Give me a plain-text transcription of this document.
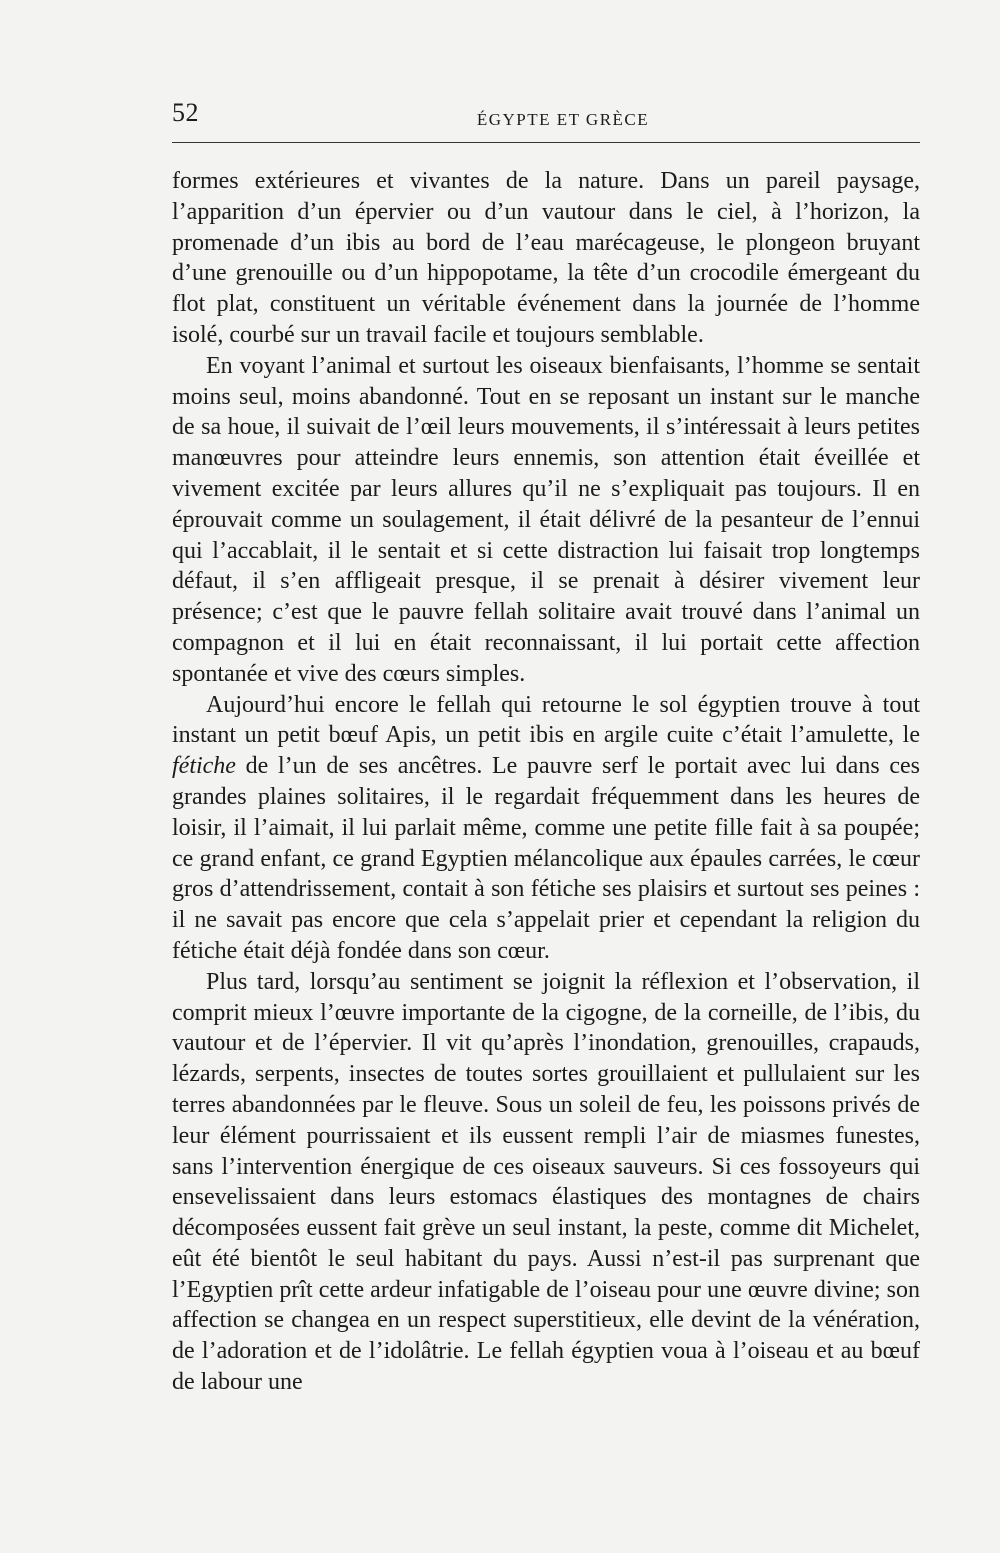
52	ÉGYPTE ET GRÈCE

formes extérieures et vivantes de la nature. Dans un pareil paysage, l’apparition d’un épervier ou d’un vautour dans le ciel, à l’horizon, la promenade d’un ibis au bord de l’eau marécageuse, le plongeon bruyant d’une grenouille ou d’un hippopotame, la tête d’un crocodile émergeant du flot plat, constituent un véritable événement dans la journée de l’homme isolé, courbé sur un travail facile et toujours semblable.

En voyant l’animal et surtout les oiseaux bienfaisants, l’homme se sentait moins seul, moins abandonné. Tout en se reposant un instant sur le manche de sa houe, il suivait de l’œil leurs mouvements, il s’intéressait à leurs petites manœuvres pour atteindre leurs ennemis, son attention était éveillée et vivement excitée par leurs allures qu’il ne s’expliquait pas toujours. Il en éprouvait comme un soulagement, il était délivré de la pesanteur de l’ennui qui l’accablait, il le sentait et si cette distraction lui faisait trop longtemps défaut, il s’en affligeait presque, il se prenait à désirer vivement leur présence; c’est que le pauvre fellah solitaire avait trouvé dans l’animal un compagnon et il lui en était reconnaissant, il lui portait cette affection spontanée et vive des cœurs simples.

Aujourd’hui encore le fellah qui retourne le sol égyptien trouve à tout instant un petit bœuf Apis, un petit ibis en argile cuite c’était l’amulette, le fétiche de l’un de ses ancêtres. Le pauvre serf le portait avec lui dans ces grandes plaines solitaires, il le regardait fréquemment dans les heures de loisir, il l’aimait, il lui parlait même, comme une petite fille fait à sa poupée; ce grand enfant, ce grand Egyptien mélancolique aux épaules carrées, le cœur gros d’attendrissement, contait à son fétiche ses plaisirs et surtout ses peines : il ne savait pas encore que cela s’appelait prier et cependant la religion du fétiche était déjà fondée dans son cœur.

Plus tard, lorsqu’au sentiment se joignit la réflexion et l’observation, il comprit mieux l’œuvre importante de la cigogne, de la corneille, de l’ibis, du vautour et de l’épervier. Il vit qu’après l’inondation, grenouilles, crapauds, lézards, serpents, insectes de toutes sortes grouillaient et pullulaient sur les terres abandonnées par le fleuve. Sous un soleil de feu, les poissons privés de leur élément pourrissaient et ils eussent rempli l’air de miasmes funestes, sans l’intervention énergique de ces oiseaux sauveurs. Si ces fossoyeurs qui ensevelissaient dans leurs estomacs élastiques des montagnes de chairs décomposées eussent fait grève un seul instant, la peste, comme dit Michelet, eût été bientôt le seul habitant du pays. Aussi n’est-il pas surprenant que l’Egyptien prît cette ardeur infatigable de l’oiseau pour une œuvre divine; son affection se changea en un respect superstitieux, elle devint de la vénération, de l’adoration et de l’idolâtrie. Le fellah égyptien voua à l’oiseau et au bœuf de labour une
